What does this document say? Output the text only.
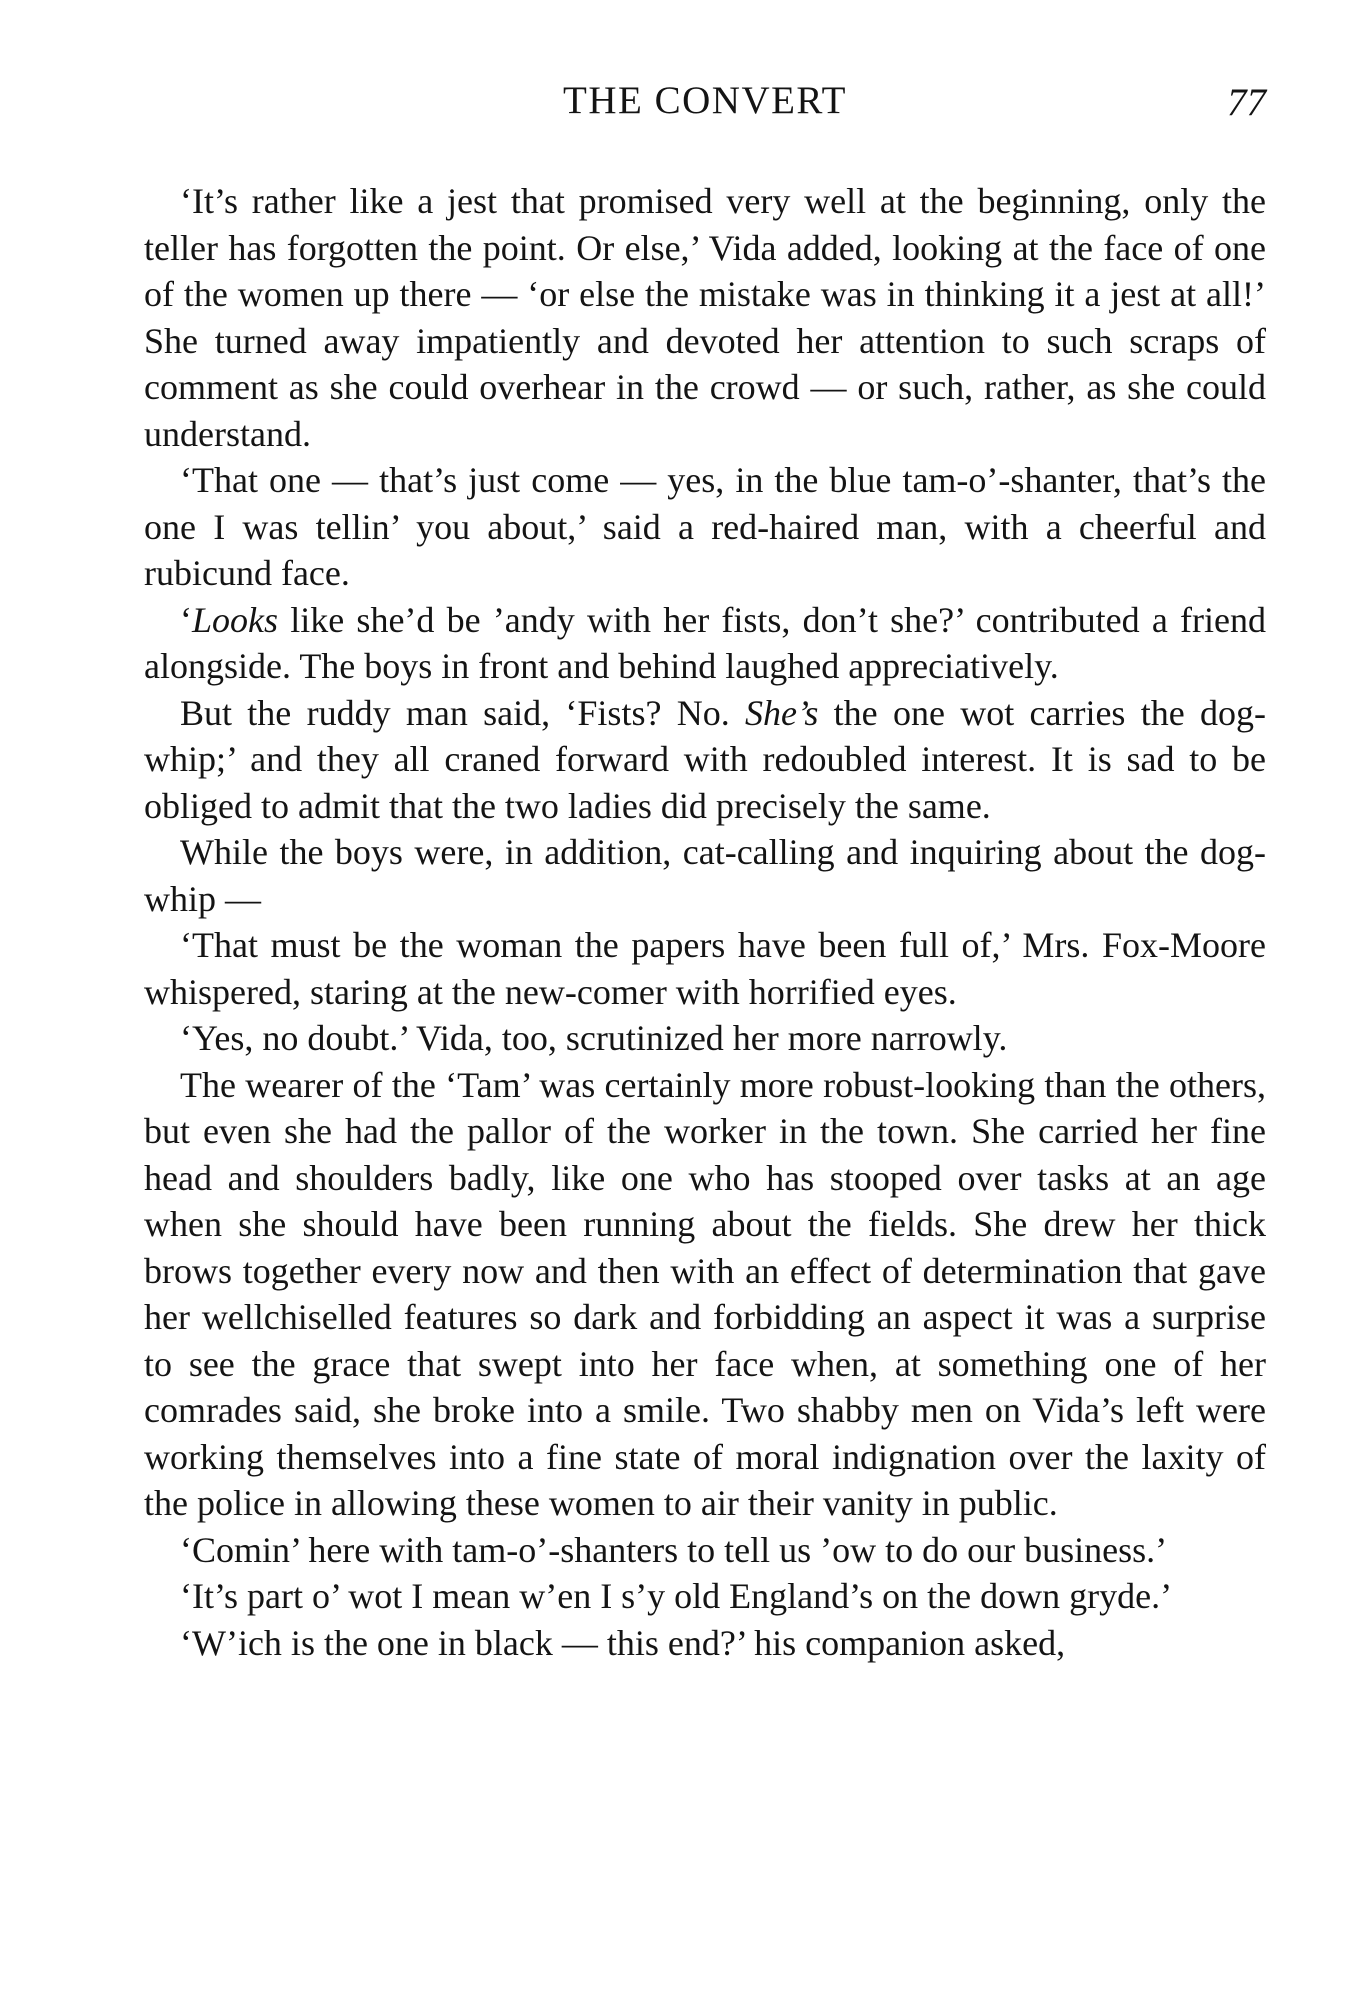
THE CONVERT	77

‘It’s rather like a jest that promised very well at the beginning, only the teller has forgotten the point. Or else,’ Vida added, looking at the face of one of the women up there — ‘or else the mistake was in thinking it a jest at all!’ She turned away impatiently and devoted her attention to such scraps of comment as she could overhear in the crowd — or such, rather, as she could understand.

‘That one — that’s just come — yes, in the blue tam-o’-shanter, that’s the one I was tellin’ you about,’ said a red-haired man, with a cheerful and rubicund face.

‘Looks like she’d be ’andy with her fists, don’t she?’ contributed a friend alongside. The boys in front and behind laughed appreciatively.

But the ruddy man said, ‘Fists? No. She’s the one wot carries the dog-whip;’ and they all craned forward with redoubled interest. It is sad to be obliged to admit that the two ladies did precisely the same.

While the boys were, in addition, cat-calling and inquiring about the dog-whip —

‘That must be the woman the papers have been full of,’ Mrs. Fox-Moore whispered, staring at the new-comer with horrified eyes.

‘Yes, no doubt.’ Vida, too, scrutinized her more narrowly.

The wearer of the ‘Tam’ was certainly more robust-looking than the others, but even she had the pallor of the worker in the town. She carried her fine head and shoulders badly, like one who has stooped over tasks at an age when she should have been running about the fields. She drew her thick brows together every now and then with an effect of determination that gave her wellchiselled features so dark and forbidding an aspect it was a surprise to see the grace that swept into her face when, at something one of her comrades said, she broke into a smile. Two shabby men on Vida’s left were working themselves into a fine state of moral indignation over the laxity of the police in allowing these women to air their vanity in public.

‘Comin’ here with tam-o’-shanters to tell us ’ow to do our business.’

‘It’s part o’ wot I mean w’en I s’y old England’s on the down gryde.’

‘W’ich is the one in black — this end?’ his companion asked,
